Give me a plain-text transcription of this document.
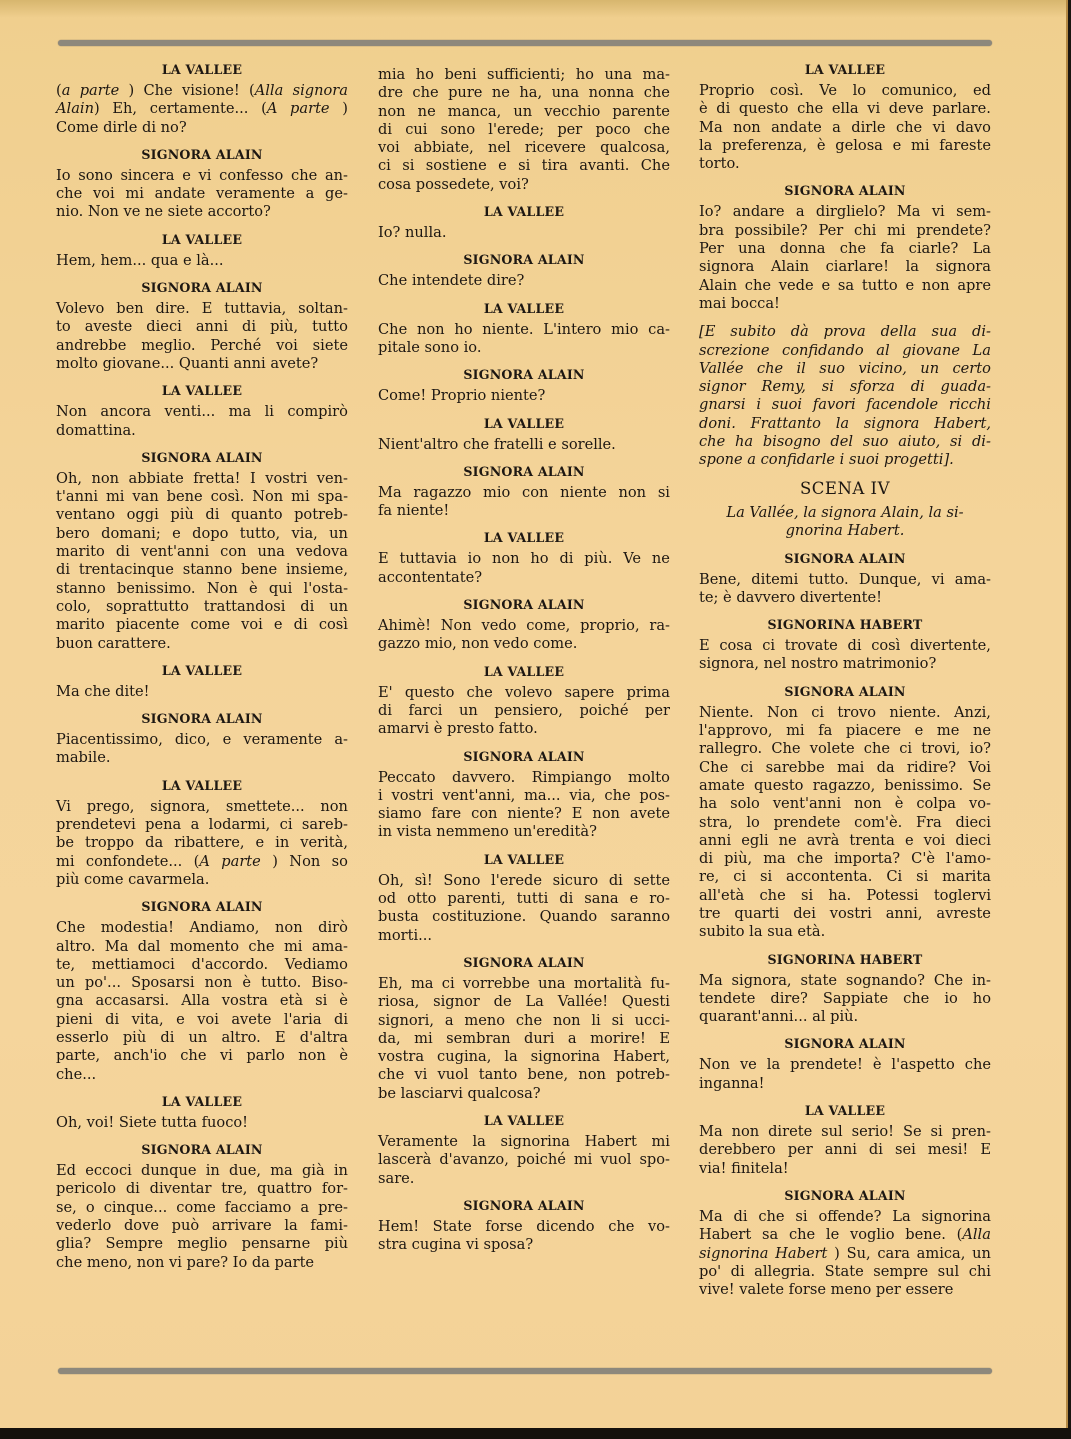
LA VALLEE
(a parte ) Che visione! (Alla signora
Alain) Eh, certamente... (A parte )
Come dirle di no?
SIGNORA ALAIN
Io sono sincera e vi confesso che an-
che voi mi andate veramente a ge-
nio. Non ve ne siete accorto?
LA VALLEE
Hem, hem... qua e là...
SIGNORA ALAIN
Volevo ben dire. E tuttavia, soltan-
to aveste dieci anni di più, tutto
andrebbe meglio. Perché voi siete
molto giovane... Quanti anni avete?
LA VALLEE
Non ancora venti... ma li compirò
domattina.
SIGNORA ALAIN
Oh, non abbiate fretta! I vostri ven-
t'anni mi van bene così. Non mi spa-
ventano oggi più di quanto potreb-
bero domani; e dopo tutto, via, un
marito di vent'anni con una vedova
di trentacinque stanno bene insieme,
stanno benissimo. Non è qui l'osta-
colo, soprattutto trattandosi di un
marito piacente come voi e di così
buon carattere.
LA VALLEE
Ma che dite!
SIGNORA ALAIN
Piacentissimo, dico, e veramente a-
mabile.
LA VALLEE
Vi prego, signora, smettete... non
prendetevi pena a lodarmi, ci sareb-
be troppo da ribattere, e in verità,
mi confondete... (A parte ) Non so
più come cavarmela.
SIGNORA ALAIN
Che modestia! Andiamo, non dirò
altro. Ma dal momento che mi ama-
te, mettiamoci d'accordo. Vediamo
un po'... Sposarsi non è tutto. Biso-
gna accasarsi. Alla vostra età si è
pieni di vita, e voi avete l'aria di
esserlo più di un altro. E d'altra
parte, anch'io che vi parlo non è
che...
LA VALLEE
Oh, voi! Siete tutta fuoco!
SIGNORA ALAIN
Ed eccoci dunque in due, ma già in
pericolo di diventar tre, quattro for-
se, o cinque... come facciamo a pre-
vederlo dove può arrivare la fami-
glia? Sempre meglio pensarne più
che meno, non vi pare? Io da parte
mia ho beni sufficienti; ho una ma-
dre che pure ne ha, una nonna che
non ne manca, un vecchio parente
di cui sono l'erede; per poco che
voi abbiate, nel ricevere qualcosa,
ci si sostiene e si tira avanti. Che
cosa possedete, voi?
LA VALLEE
Io? nulla.
SIGNORA ALAIN
Che intendete dire?
LA VALLEE
Che non ho niente. L'intero mio ca-
pitale sono io.
SIGNORA ALAIN
Come! Proprio niente?
LA VALLEE
Nient'altro che fratelli e sorelle.
SIGNORA ALAIN
Ma ragazzo mio con niente non si
fa niente!
LA VALLEE
E tuttavia io non ho di più. Ve ne
accontentate?
SIGNORA ALAIN
Ahimè! Non vedo come, proprio, ra-
gazzo mio, non vedo come.
LA VALLEE
E' questo che volevo sapere prima
di farci un pensiero, poiché per
amarvi è presto fatto.
SIGNORA ALAIN
Peccato davvero. Rimpiango molto
i vostri vent'anni, ma... via, che pos-
siamo fare con niente? E non avete
in vista nemmeno un'eredità?
LA VALLEE
Oh, sì! Sono l'erede sicuro di sette
od otto parenti, tutti di sana e ro-
busta costituzione. Quando saranno
morti...
SIGNORA ALAIN
Eh, ma ci vorrebbe una mortalità fu-
riosa, signor de La Vallée! Questi
signori, a meno che non li si ucci-
da, mi sembran duri a morire! E
vostra cugina, la signorina Habert,
che vi vuol tanto bene, non potreb-
be lasciarvi qualcosa?
LA VALLEE
Veramente la signorina Habert mi
lascerà d'avanzo, poiché mi vuol spo-
sare.
SIGNORA ALAIN
Hem! State forse dicendo che vo-
stra cugina vi sposa?
LA VALLEE
Proprio così. Ve lo comunico, ed
è di questo che ella vi deve parlare.
Ma non andate a dirle che vi davo
la preferenza, è gelosa e mi fareste
torto.
SIGNORA ALAIN
Io? andare a dirglielo? Ma vi sem-
bra possibile? Per chi mi prendete?
Per una donna che fa ciarle? La
signora Alain ciarlare! la signora
Alain che vede e sa tutto e non apre
mai bocca!
[E subito dà prova della sua di-
screzione confidando al giovane La
Vallée che il suo vicino, un certo
signor Remy, si sforza di guada-
gnarsi i suoi favori facendole ricchi
doni. Frattanto la signora Habert,
che ha bisogno del suo aiuto, si di-
spone a confidarle i suoi progetti].
SCENA IV
La Vallée, la signora Alain, la si-
gnorina Habert.
SIGNORA ALAIN
Bene, ditemi tutto. Dunque, vi ama-
te; è davvero divertente!
SIGNORINA HABERT
E cosa ci trovate di così divertente,
signora, nel nostro matrimonio?
SIGNORA ALAIN
Niente. Non ci trovo niente. Anzi,
l'approvo, mi fa piacere e me ne
rallegro. Che volete che ci trovi, io?
Che ci sarebbe mai da ridire? Voi
amate questo ragazzo, benissimo. Se
ha solo vent'anni non è colpa vo-
stra, lo prendete com'è. Fra dieci
anni egli ne avrà trenta e voi dieci
di più, ma che importa? C'è l'amo-
re, ci si accontenta. Ci si marita
all'età che si ha. Potessi toglervi
tre quarti dei vostri anni, avreste
subito la sua età.
SIGNORINA HABERT
Ma signora, state sognando? Che in-
tendete dire? Sappiate che io ho
quarant'anni... al più.
SIGNORA ALAIN
Non ve la prendete! è l'aspetto che
inganna!
LA VALLEE
Ma non direte sul serio! Se si pren-
derebbero per anni di sei mesi! E
via! finitela!
SIGNORA ALAIN
Ma di che si offende? La signorina
Habert sa che le voglio bene. (Alla
signorina Habert ) Su, cara amica, un
po' di allegria. State sempre sul chi
vive! valete forse meno per essere
